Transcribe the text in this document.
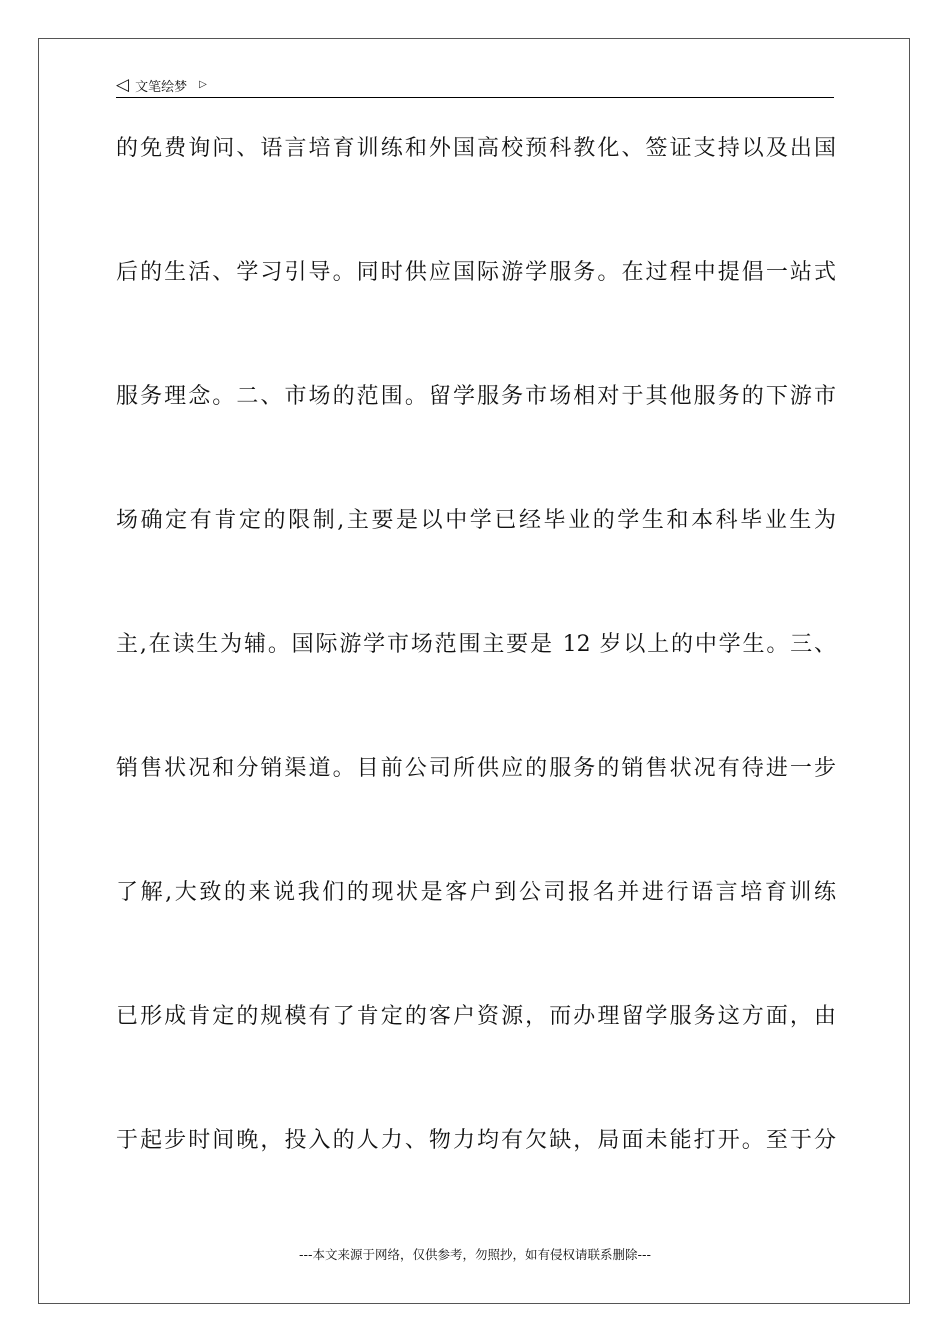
◁ 文笔绘梦 ▷
的免费询问、语言培育训练和外国高校预科教化、签证支持以及出国
后的生活、学习引导。同时供应国际游学服务。在过程中提倡一站式
服务理念。二、市场的范围。留学服务市场相对于其他服务的下游市
场确定有肯定的限制,主要是以中学已经毕业的学生和本科毕业生为
主,在读生为辅。国际游学市场范围主要是 12 岁以上的中学生。三、
销售状况和分销渠道。目前公司所供应的服务的销售状况有待进一步
了解,大致的来说我们的现状是客户到公司报名并进行语言培育训练
已形成肯定的规模有了肯定的客户资源，而办理留学服务这方面，由
于起步时间晚，投入的人力、物力均有欠缺，局面未能打开。至于分
---本文来源于网络，仅供参考，勿照抄，如有侵权请联系删除---
